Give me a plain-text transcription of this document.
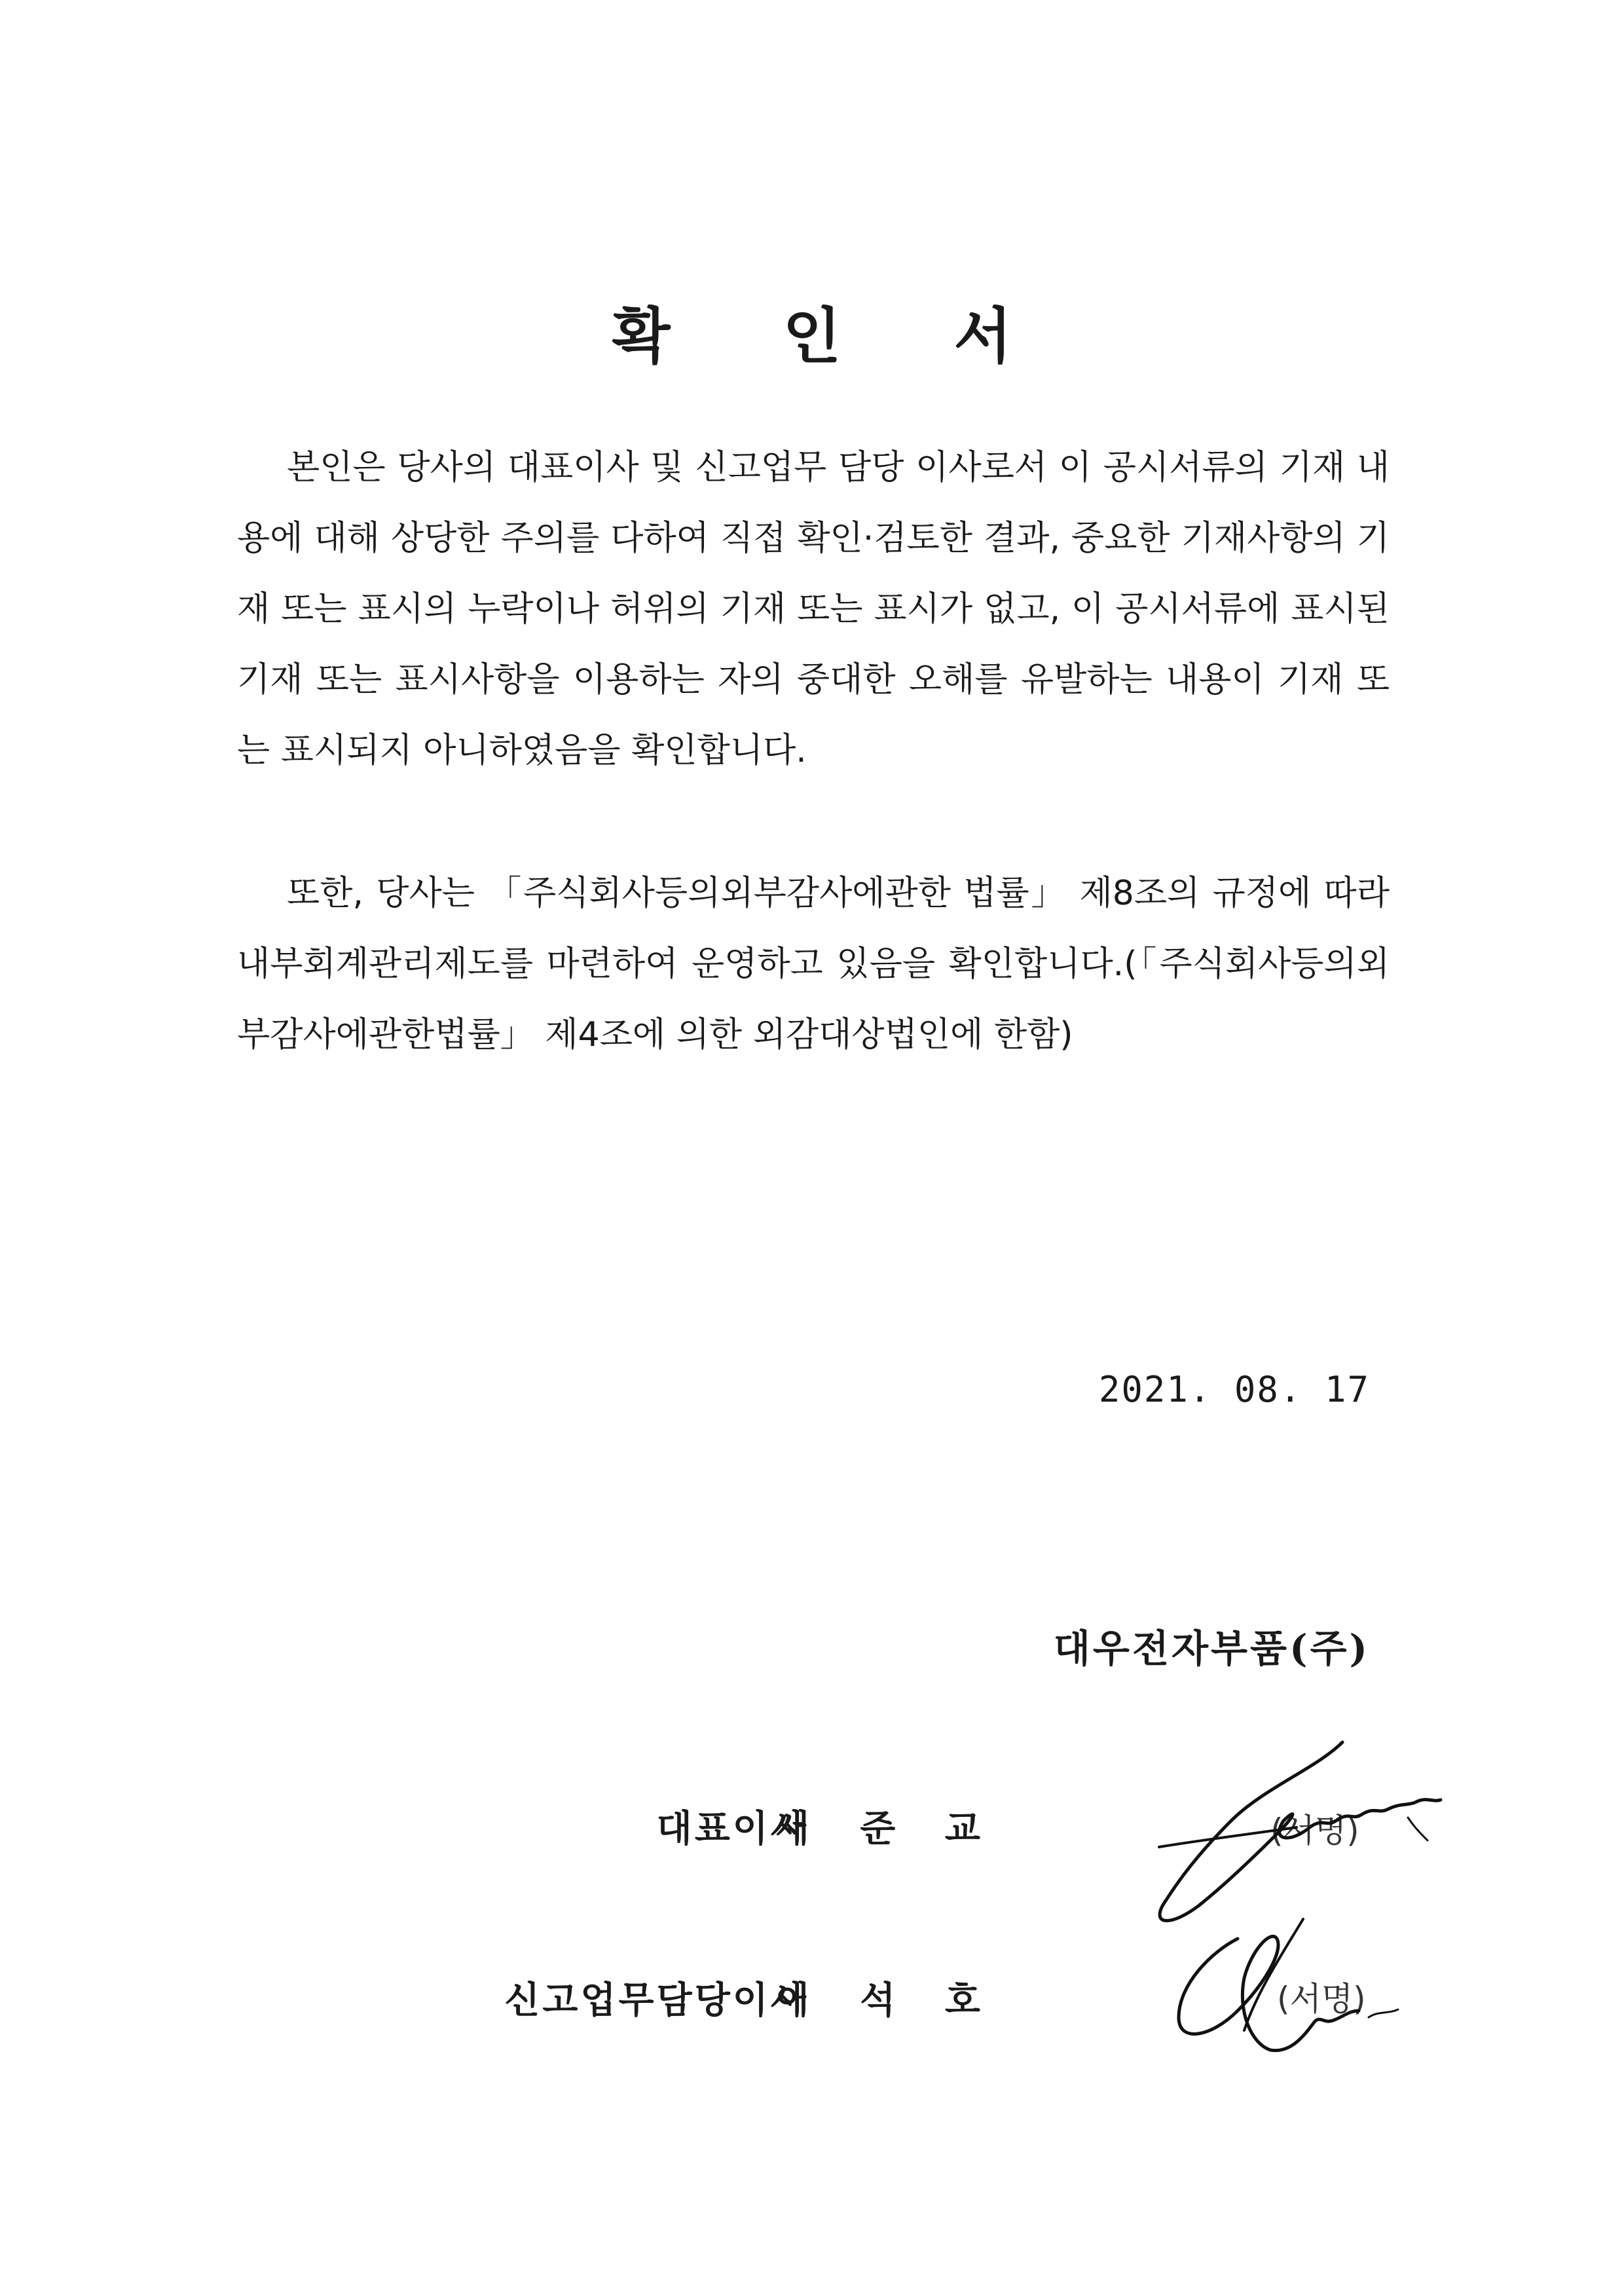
확 인 서

본인은 당사의 대표이사 및 신고업무 담당 이사로서 이 공시서류의 기재 내용에 대해 상당한 주의를 다하여 직접 확인·검토한 결과, 중요한 기재사항의 기재 또는 표시의 누락이나 허위의 기재 또는 표시가 없고, 이 공시서류에 표시된 기재 또는 표시사항을 이용하는 자의 중대한 오해를 유발하는 내용이 기재 또는 표시되지 아니하였음을 확인합니다.

또한, 당사는 「주식회사등의외부감사에관한 법률」 제8조의 규정에 따라 내부회계관리제도를 마련하여 운영하고 있음을 확인합니다.(「주식회사등의외부감사에관한법률」 제4조에 의한 외감대상법인에 한함)

2021. 08. 17
대우전자부품(주)
대표이사
서 준 교	(서명)
신고업무담당이사
이 석 호	(서명)
